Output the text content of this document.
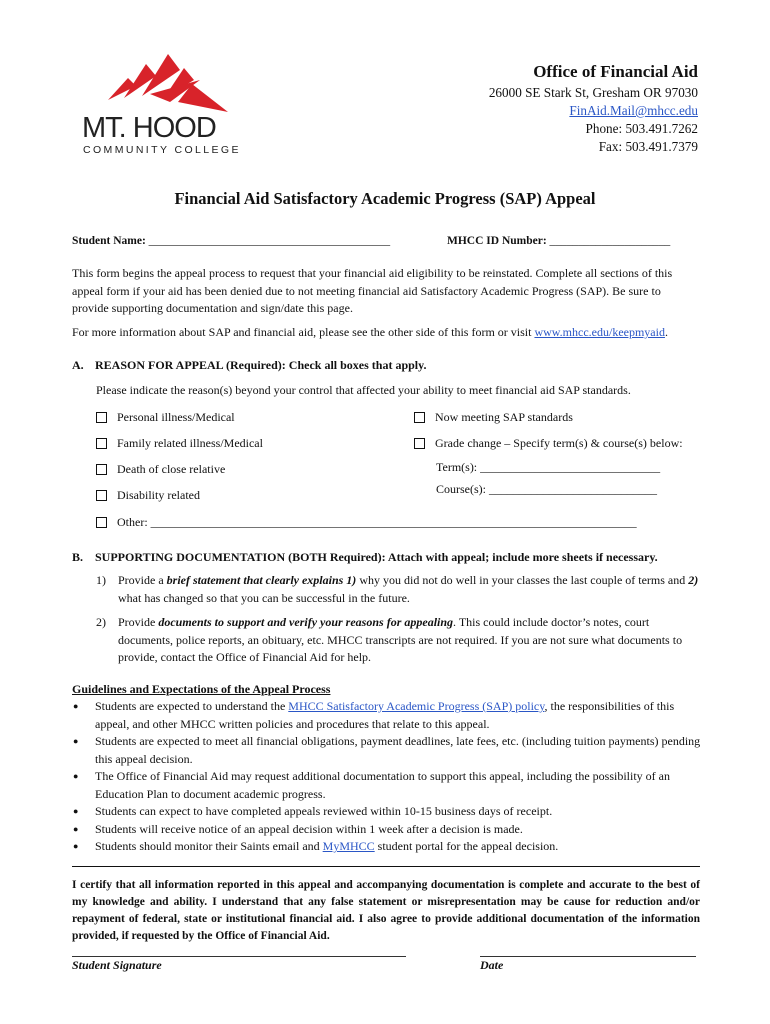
MT. HOOD
COMMUNITY COLLEGE
Office of Financial Aid
26000 SE Stark St, Gresham OR 97030
FinAid.Mail@mhcc.edu
Phone: 503.491.7262
Fax: 503.491.7379
Financial Aid Satisfactory Academic Progress (SAP) Appeal
Student Name: __________________________________________	MHCC ID Number: _____________________
This form begins the appeal process to request that your financial aid eligibility to be reinstated. Complete all sections of this appeal form if your aid has been denied due to not meeting financial aid Satisfactory Academic Progress (SAP). Be sure to provide supporting documentation and sign/date this page.
For more information about SAP and financial aid, please see the other side of this form or visit www.mhcc.edu/keepmyaid.
A. REASON FOR APPEAL (Required): Check all boxes that apply.
Please indicate the reason(s) beyond your control that affected your ability to meet financial aid SAP standards.
Personal illness/Medical
Family related illness/Medical
Death of close relative
Disability related
Now meeting SAP standards
Grade change – Specify term(s) & course(s) below:
Term(s): ______________________________
Course(s): ____________________________
Other:
_________________________________________________________________________________
B. SUPPORTING DOCUMENTATION (BOTH Required): Attach with appeal; include more sheets if necessary.
1)	Provide a brief statement that clearly explains 1) why you did not do well in your classes the last couple of terms and 2) what has changed so that you can be successful in the future.
2)	Provide documents to support and verify your reasons for appealing. This could include doctor’s notes, court documents, police reports, an obituary, etc. MHCC transcripts are not required. If you are not sure what documents to provide, contact the Office of Financial Aid for help.
Guidelines and Expectations of the Appeal Process
●	Students are expected to understand the MHCC Satisfactory Academic Progress (SAP) policy, the responsibilities of this appeal, and other MHCC written policies and procedures that relate to this appeal.
●	Students are expected to meet all financial obligations, payment deadlines, late fees, etc. (including tuition payments) pending this appeal decision.
●	The Office of Financial Aid may request additional documentation to support this appeal, including the possibility of an Education Plan to document academic progress.
●	Students can expect to have completed appeals reviewed within 10-15 business days of receipt.
●	Students will receive notice of an appeal decision within 1 week after a decision is made.
●	Students should monitor their Saints email and MyMHCC student portal for the appeal decision.
I certify that all information reported in this appeal and accompanying documentation is complete and accurate to the best of my knowledge and ability. I understand that any false statement or misrepresentation may be cause for reduction and/or repayment of federal, state or institutional financial aid. I also agree to provide additional documentation of the information provided, if requested by the Office of Financial Aid.
Student Signature	Date
